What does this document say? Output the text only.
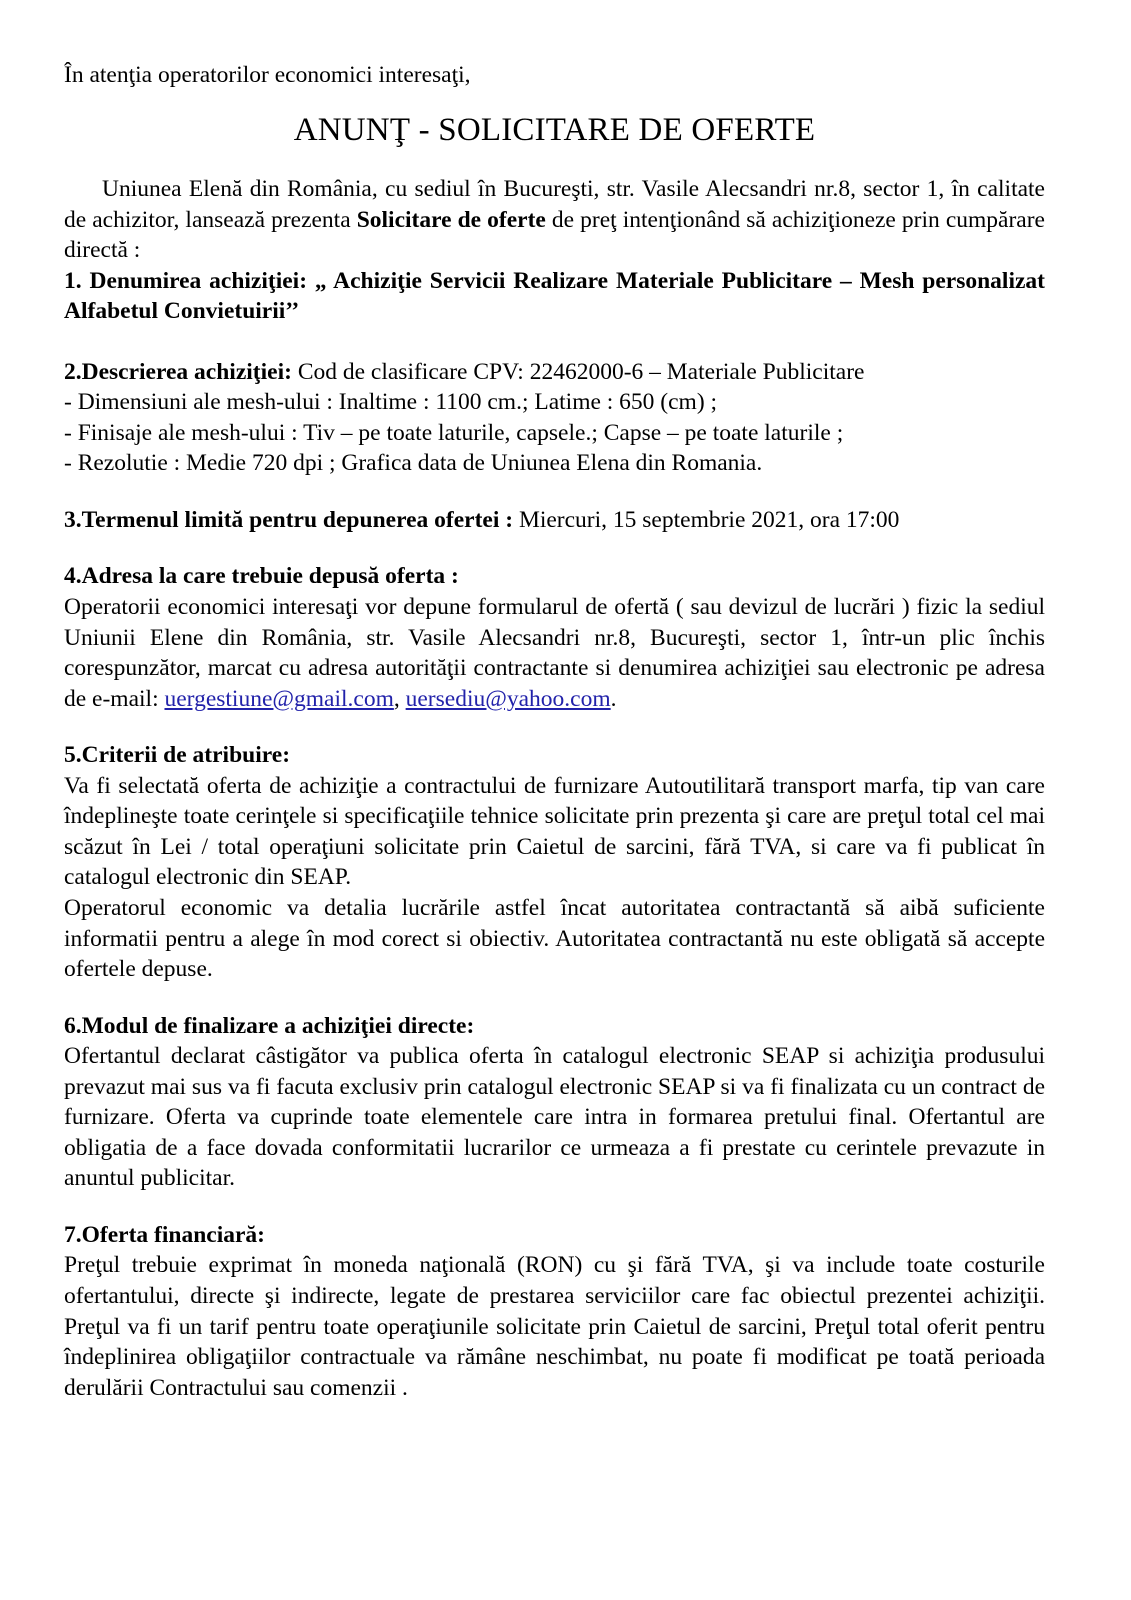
În atenţia operatorilor economici interesaţi,

ANUNŢ - SOLICITARE DE OFERTE

Uniunea Elenă din România, cu sediul în Bucureşti, str. Vasile Alecsandri nr.8, sector 1, în calitate de achizitor, lansează prezenta Solicitare de oferte de preţ intenţionând să achiziţioneze prin cumpărare directă :

1. Denumirea achiziţiei: „ Achiziţie Servicii Realizare Materiale Publicitare – Mesh personalizat Alfabetul Convietuirii’’

2.Descrierea achiziţiei: Cod de clasificare CPV: 22462000-6 – Materiale Publicitare

- Dimensiuni ale mesh-ului : Inaltime : 1100 cm.; Latime : 650 (cm) ;
- Finisaje ale mesh-ului : Tiv – pe toate laturile, capsele.; Capse – pe toate laturile ;
- Rezolutie : Medie 720 dpi ; Grafica data de Uniunea Elena din Romania.

3.Termenul limită pentru depunerea ofertei : Miercuri, 15 septembrie 2021, ora 17:00

4.Adresa la care trebuie depusă oferta :

Operatorii economici interesaţi vor depune formularul de ofertă ( sau devizul de lucrări ) fizic la sediul Uniunii Elene din România, str. Vasile Alecsandri nr.8, Bucureşti, sector 1, într-un plic închis corespunzător, marcat cu adresa autorităţii contractante si denumirea achiziţiei sau electronic pe adresa de e-mail: uergestiune@gmail.com, uersediu@yahoo.com.

5.Criterii de atribuire:

Va fi selectată oferta de achiziţie a contractului de furnizare Autoutilitară transport marfa, tip van care îndeplineşte toate cerinţele si specificaţiile tehnice solicitate prin prezenta şi care are preţul total cel mai scăzut în Lei / total operaţiuni solicitate prin Caietul de sarcini, fără TVA, si care va fi publicat în catalogul electronic din SEAP.

Operatorul economic va detalia lucrările astfel încat autoritatea contractantă să aibă suficiente informatii pentru a alege în mod corect si obiectiv. Autoritatea contractantă nu este obligată să accepte ofertele depuse.

6.Modul de finalizare a achiziţiei directe:

Ofertantul declarat câstigător va publica oferta în catalogul electronic SEAP si achiziţia produsului prevazut mai sus va fi facuta exclusiv prin catalogul electronic SEAP si va fi finalizata cu un contract de furnizare. Oferta va cuprinde toate elementele care intra in formarea pretului final. Ofertantul are obligatia de a face dovada conformitatii lucrarilor ce urmeaza a fi prestate cu cerintele prevazute in anuntul publicitar.

7.Oferta financiară:

Preţul trebuie exprimat în moneda naţională (RON) cu şi fără TVA, şi va include toate costurile ofertantului, directe şi indirecte, legate de prestarea serviciilor care fac obiectul prezentei achiziţii. Preţul va fi un tarif pentru toate operaţiunile solicitate prin Caietul de sarcini, Preţul total oferit pentru îndeplinirea obligaţiilor contractuale va rămâne neschimbat, nu poate fi modificat pe toată perioada derulării Contractului sau comenzii .
